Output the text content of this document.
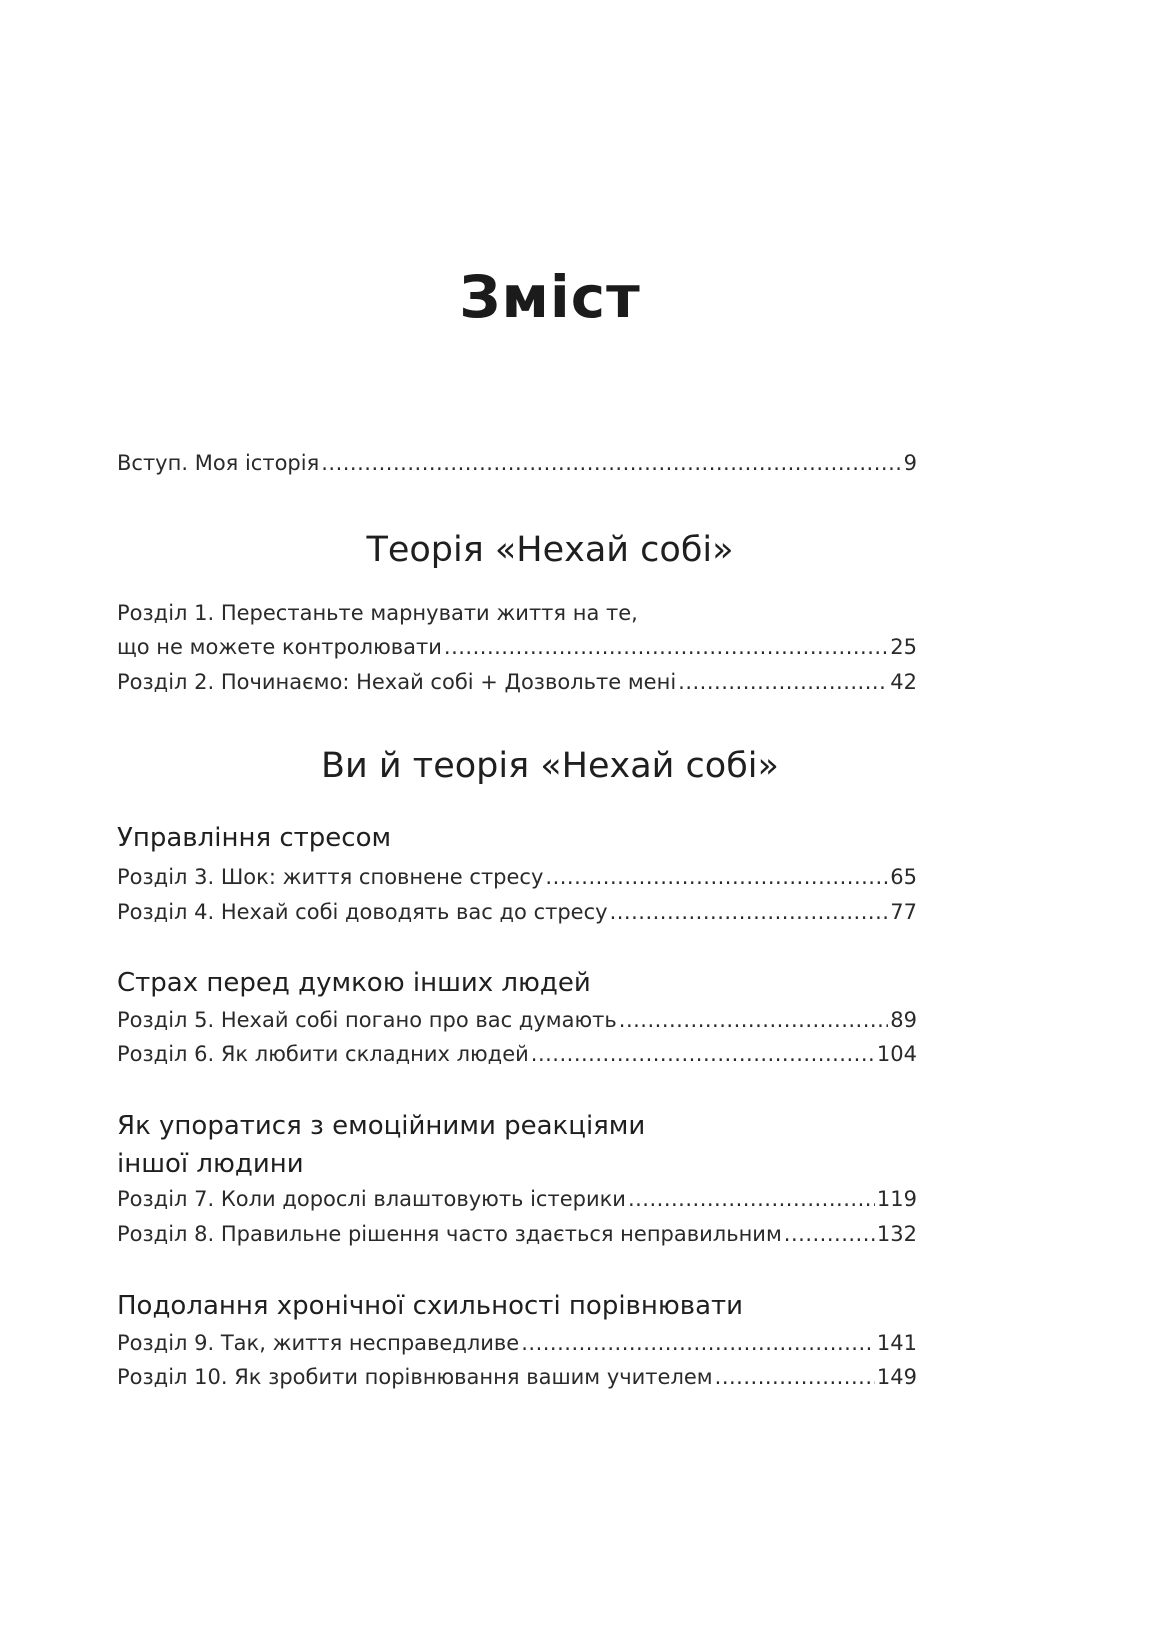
Зміст
Вступ. Моя історія .....	9
Теорія «Нехай собі»
Розділ 1. Перестаньте марнувати життя на те,
що не можете контролювати .....	25
Розділ 2. Починаємо: Нехай собі + Дозвольте мені .....	42
Ви й теорія «Нехай собі»
Управління стресом
Розділ 3. Шок: життя сповнене стресу .....	65
Розділ 4. Нехай собі доводять вас до стресу .....	77
Страх перед думкою інших людей
Розділ 5. Нехай собі погано про вас думають .....	89
Розділ 6. Як любити складних людей .....	104
Як упоратися з емоційними реакціями
іншої людини
Розділ 7. Коли дорослі влаштовують істерики .....	119
Розділ 8. Правильне рішення часто здається неправильним .....	132
Подолання хронічної схильності порівнювати
Розділ 9. Так, життя несправедливе .....	141
Розділ 10. Як зробити порівнювання вашим учителем .....	149
